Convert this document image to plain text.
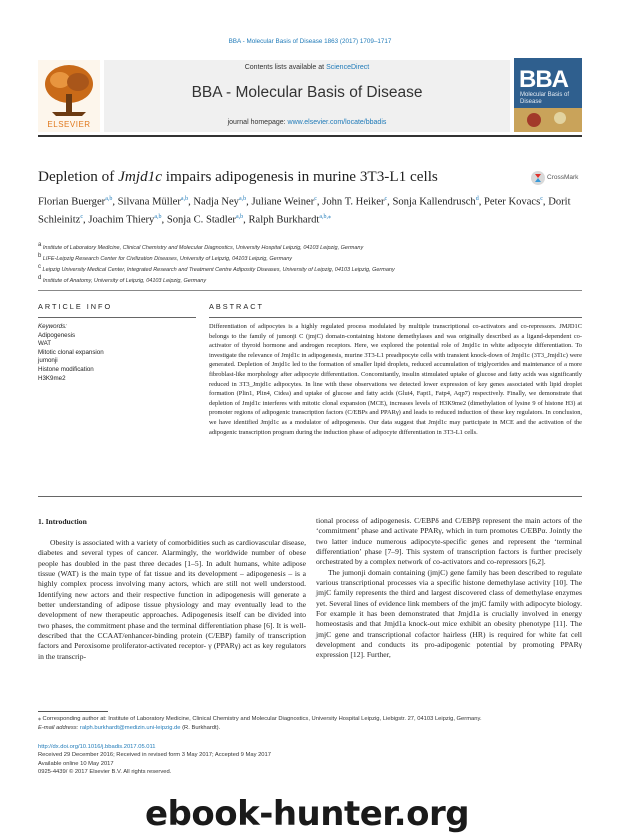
BBA - Molecular Basis of Disease 1863 (2017) 1709–1717
Contents lists available at ScienceDirect
BBA - Molecular Basis of Disease
journal homepage: www.elsevier.com/locate/bbadis
ELSEVIER
BBA
Molecular Basis of Disease
Depletion of Jmjd1c impairs adipogenesis in murine 3T3-L1 cells	CrossMark
Florian Buerger$^{a,b}$, Silvana Müller$^{a,b}$, Nadja Ney$^{a,b}$, Juliane Weiner$^c$, John T. Heiker$^c$, Sonja Kallendrusch$^d$, Peter Kovacs$^c$, Dorit Schleinitz$^c$, Joachim Thiery$^{a,b}$, Sonja C. Stadler$^{a,b}$, Ralph Burkhardt$^{a,b,⁎}$
$^a$ Institute of Laboratory Medicine, Clinical Chemistry and Molecular Diagnostics, University Hospital Leipzig, 04103 Leipzig, Germany
$^b$ LIFE-Leipzig Research Center for Civilization Diseases, University of Leipzig, 04103 Leipzig, Germany
$^c$ Leipzig University Medical Center, Integrated Research and Treatment Centre Adiposity Diseases, University of Leipzig, 04103 Leipzig, Germany
$^d$ Institute of Anatomy, University of Leipzig, 04103 Leipzig, Germany
ARTICLE INFO	ABSTRACT
Keywords:
Adipogenesis
WAT
Mitotic clonal expansion
jumonji
Histone modification
H3K9me2
Differentiation of adipocytes is a highly regulated process modulated by multiple transcriptional co-activators and co-repressors. JMJD1C belongs to the family of jumonji C (jmjC) domain-containing histone demethylases and was originally described as a ligand-dependent co-activator of thyroid hormone and androgen receptors. Here, we explored the potential role of Jmjd1c in white adipocyte differentiation. To investigate the relevance of Jmjd1c in adipogenesis, murine 3T3-L1 preadipocyte cells with transient knock-down of Jmjd1c (3T3_Jmjd1c) were generated. Depletion of Jmjd1c led to the formation of smaller lipid droplets, reduced accumulation of triglycerides and maintenance of a more fibroblast-like morphology after adipocyte differentiation. Concomitantly, insulin stimulated uptake of glucose and fatty acids was significantly reduced in 3T3_Jmjd1c adipocytes. In line with these observations we detected lower expression of key genes associated with lipid droplet formation (Plin1, Plin4, Cidea) and uptake of glucose and fatty acids (Glut4, Fapt1, Fatp4, Aqp7) respectively. Finally, we demonstrate that depletion of Jmjd1c interferes with mitotic clonal expansion (MCE), increases levels of H3K9me2 (dimethylation of lysine 9 of histone H3) at promoter regions of adipogenic transcription factors (C/EBPs and PPARγ) and leads to reduced induction of these key regulators. In conclusion, we have identified Jmjd1c as a modulator of adipogenesis. Our data suggest that Jmjd1c may participate in MCE and the activation of the adipogenic transcription program during the induction phase of adipocyte differentiation in 3T3-L1 cells.
1. Introduction
Obesity is associated with a variety of comorbidities such as cardiovascular disease, diabetes and several types of cancer. Alarmingly, the worldwide number of obese people has doubled in the past three decades [1–5]. In adult humans, white adipose tissue (WAT) is the main type of fat tissue and its development – adipogenesis – is a highly complex process involving many actors, which are still not well understood. Identifying new actors and their respective function in adipogenesis will generate a better understanding of adipose tissue physiology and may eventually lead to the development of new therapeutic approaches. Adipogenesis itself can be divided into two phases, the commitment phase and the terminal differentiation phase [6]. It is well-described that the CCAAT/enhancer-binding protein (C/EBP) family of transcription factors and Peroxisome proliferator-activated receptor- γ (PPARγ) act as key regulators in the transcrip-

tional process of adipogenesis. C/EBPδ and C/EBPβ represent the main actors of the ‘commitment’ phase and activate PPARγ, which in turn promotes C/EBPα. Jointly the two latter induce numerous adipocyte-specific genes and represent the ‘terminal differentiation’ phase [7–9]. This system of transcription factors is further precisely orchestrated by a complex network of co-activators and co-repressors [6,2].

The jumonji domain containing (jmjC) gene family has been described to regulate various transcriptional processes via a specific histone demethylase activity [10]. The jmjC family represents the third and largest discovered class of demethylase enzymes yet. Several lines of evidence link members of the jmjC family with adipocyte biology. For example it has been demonstrated that Jmjd1a is crucially involved in energy homeostasis and that Jmjd1a knock-out mice exhibit an obesity phenotype [11]. The jmjC gene and transcriptional cofactor hairless (HR) is required for white fat cell development and conducts its pro-adipogenic potential by promoting PPARγ expression [12]. Further,

⁎ Corresponding author at: Institute of Laboratory Medicine, Clinical Chemistry and Molecular Diagnostics, University Hospital Leipzig, Liebigstr. 27, 04103 Leipzig, Germany.
E-mail address: ralph.burkhardt@medizin.uni-leipzig.de (R. Burkhardt).
http://dx.doi.org/10.1016/j.bbadis.2017.05.011
Received 29 December 2016; Received in revised form 3 May 2017; Accepted 9 May 2017
Available online 10 May 2017
0925-4439/ © 2017 Elsevier B.V. All rights reserved.
ebook-hunter.org
